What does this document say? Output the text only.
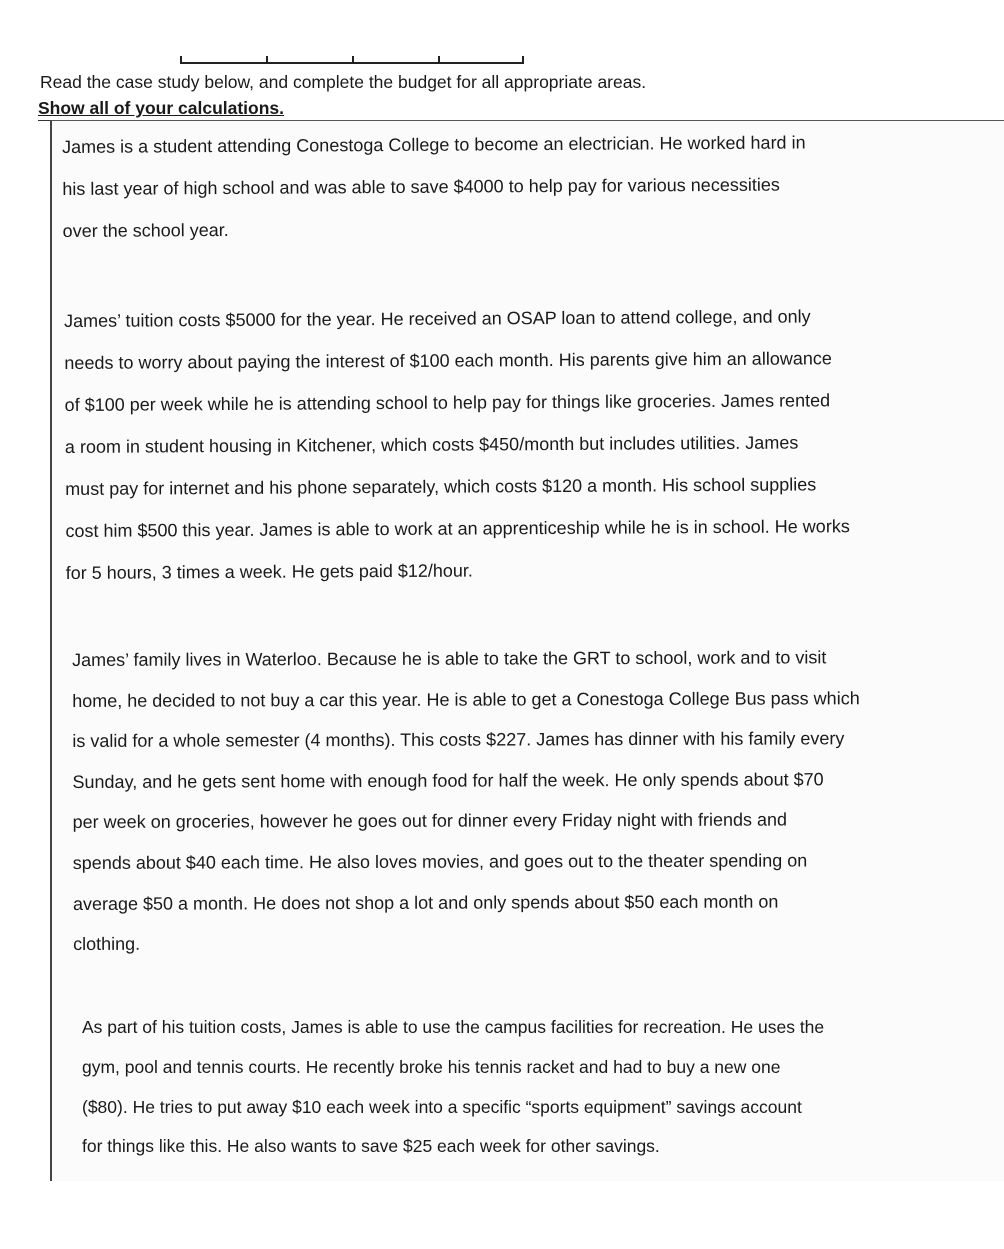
Read the case study below, and complete the budget for all appropriate areas.
Show all of your calculations.
James is a student attending Conestoga College to become an electrician. He worked hard in
his last year of high school and was able to save $4000 to help pay for various necessities
over the school year.
James’ tuition costs $5000 for the year. He received an OSAP loan to attend college, and only
needs to worry about paying the interest of $100 each month. His parents give him an allowance
of $100 per week while he is attending school to help pay for things like groceries. James rented
a room in student housing in Kitchener, which costs $450/month but includes utilities. James
must pay for internet and his phone separately, which costs $120 a month. His school supplies
cost him $500 this year. James is able to work at an apprenticeship while he is in school. He works
for 5 hours, 3 times a week. He gets paid $12/hour.
James’ family lives in Waterloo. Because he is able to take the GRT to school, work and to visit
home, he decided to not buy a car this year. He is able to get a Conestoga College Bus pass which
is valid for a whole semester (4 months). This costs $227. James has dinner with his family every
Sunday, and he gets sent home with enough food for half the week. He only spends about $70
per week on groceries, however he goes out for dinner every Friday night with friends and
spends about $40 each time. He also loves movies, and goes out to the theater spending on
average $50 a month. He does not shop a lot and only spends about $50 each month on
clothing.
As part of his tuition costs, James is able to use the campus facilities for recreation. He uses the
gym, pool and tennis courts. He recently broke his tennis racket and had to buy a new one
($80). He tries to put away $10 each week into a specific “sports equipment” savings account
for things like this. He also wants to save $25 each week for other savings.
